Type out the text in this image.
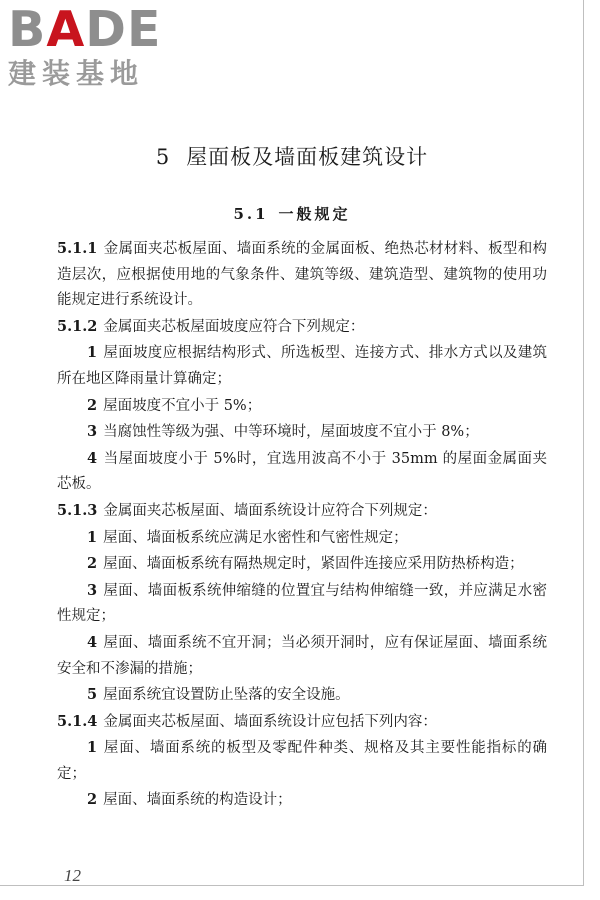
BADE
建装基地
5 屋面板及墙面板建筑设计
5.1 一般规定

5.1.1 金属面夹芯板屋面、墙面系统的金属面板、绝热芯材材料、板型和构造层次，应根据使用地的气象条件、建筑等级、建筑造型、建筑物的使用功能规定进行系统设计。

5.1.2 金属面夹芯板屋面坡度应符合下列规定：

1 屋面坡度应根据结构形式、所选板型、连接方式、排水方式以及建筑所在地区降雨量计算确定；

2 屋面坡度不宜小于 5%；

3 当腐蚀性等级为强、中等环境时，屋面坡度不宜小于 8%；

4 当屋面坡度小于 5%时，宜选用波高不小于 35mm 的屋面金属面夹芯板。

5.1.3 金属面夹芯板屋面、墙面系统设计应符合下列规定：

1 屋面、墙面板系统应满足水密性和气密性规定；

2 屋面、墙面板系统有隔热规定时，紧固件连接应采用防热桥构造；

3 屋面、墙面板系统伸缩缝的位置宜与结构伸缩缝一致，并应满足水密性规定；

4 屋面、墙面系统不宜开洞；当必须开洞时，应有保证屋面、墙面系统安全和不渗漏的措施；

5 屋面系统宜设置防止坠落的安全设施。

5.1.4 金属面夹芯板屋面、墙面系统设计应包括下列内容：

1 屋面、墙面系统的板型及零配件种类、规格及其主要性能指标的确定；

2 屋面、墙面系统的构造设计；

12
